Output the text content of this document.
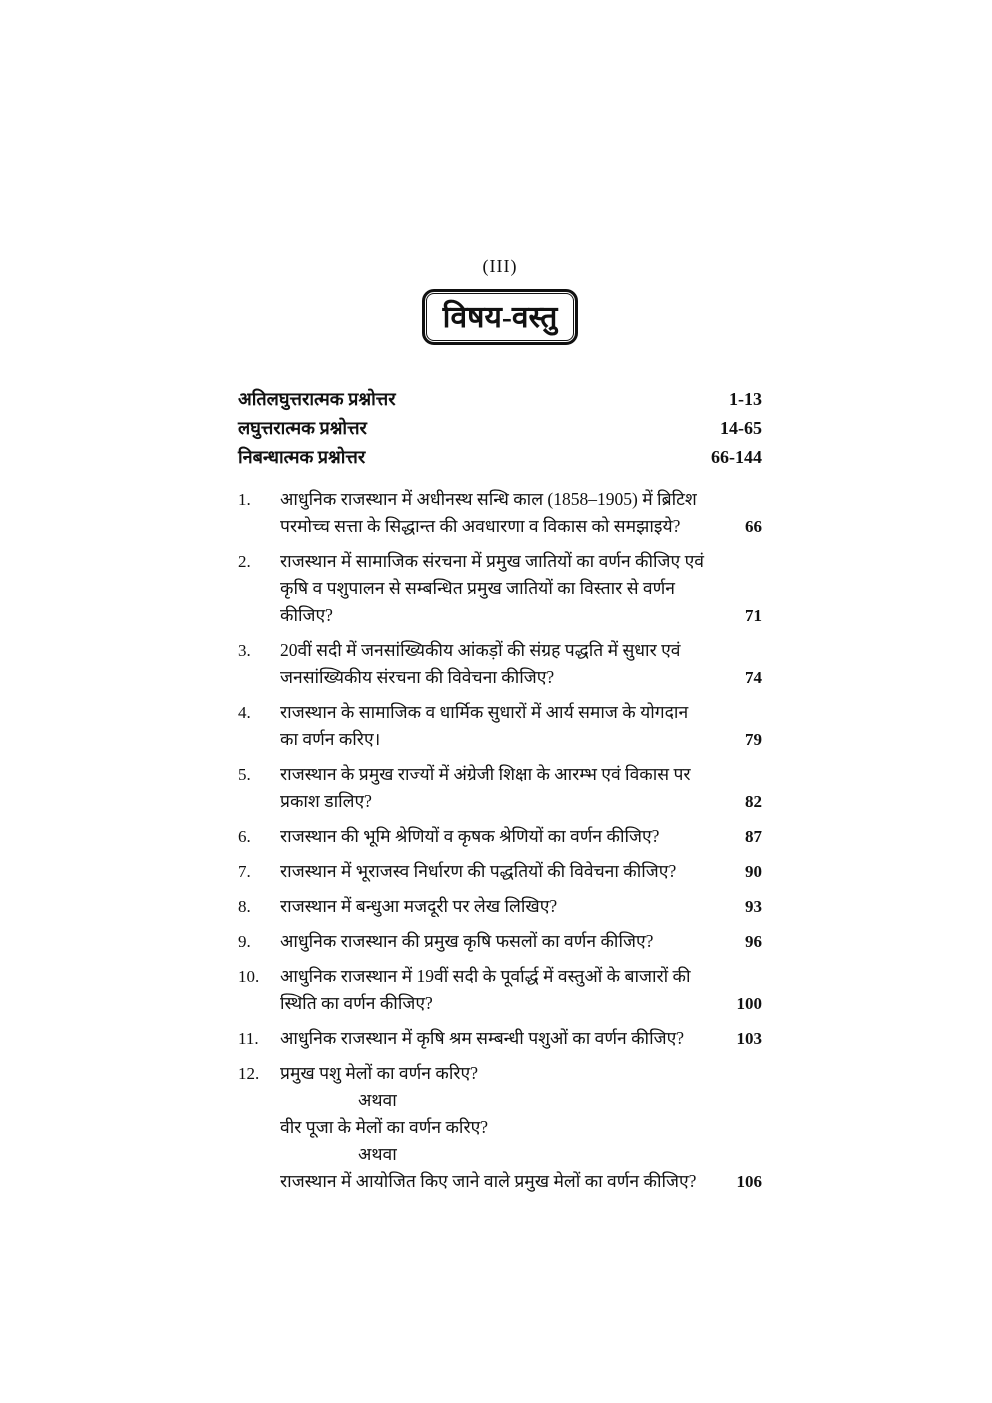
(III)
विषय-वस्तु
अतिलघुत्तरात्मक प्रश्नोत्तर	1-13
लघुत्तरात्मक प्रश्नोत्तर	14-65
निबन्धात्मक प्रश्नोत्तर	66-144
1.	आधुनिक राजस्थान में अधीनस्थ सन्धि काल (1858–1905) में ब्रिटिश
परमोच्च सत्ता के सिद्धान्त की अवधारणा व विकास को समझाइये?	66
2.	राजस्थान में सामाजिक संरचना में प्रमुख जातियों का वर्णन कीजिए एवं
कृषि व पशुपालन से सम्बन्धित प्रमुख जातियों का विस्तार से वर्णन कीजिए?	71
3.	20वीं सदी में जनसांख्यिकीय आंकड़ों की संग्रह पद्धति में सुधार एवं
जनसांख्यिकीय संरचना की विवेचना कीजिए?	74
4.	राजस्थान के सामाजिक व धार्मिक सुधारों में आर्य समाज के योगदान
का वर्णन करिए।	79
5.	राजस्थान के प्रमुख राज्यों में अंग्रेजी शिक्षा के आरम्भ एवं विकास पर
प्रकाश डालिए?	82
6.	राजस्थान की भूमि श्रेणियों व कृषक श्रेणियों का वर्णन कीजिए?	87
7.	राजस्थान में भूराजस्व निर्धारण की पद्धतियों की विवेचना कीजिए?	90
8.	राजस्थान में बन्धुआ मजदूरी पर लेख लिखिए?	93
9.	आधुनिक राजस्थान की प्रमुख कृषि फसलों का वर्णन कीजिए?	96
10.	आधुनिक राजस्थान में 19वीं सदी के पूर्वार्द्ध में वस्तुओं के बाजारों की
स्थिति का वर्णन कीजिए?	100
11.	आधुनिक राजस्थान में कृषि श्रम सम्बन्धी पशुओं का वर्णन कीजिए?	103
12.	प्रमुख पशु मेलों का वर्णन करिए?
अथवा
वीर पूजा के मेलों का वर्णन करिए?
अथवा
राजस्थान में आयोजित किए जाने वाले प्रमुख मेलों का वर्णन कीजिए?	106
